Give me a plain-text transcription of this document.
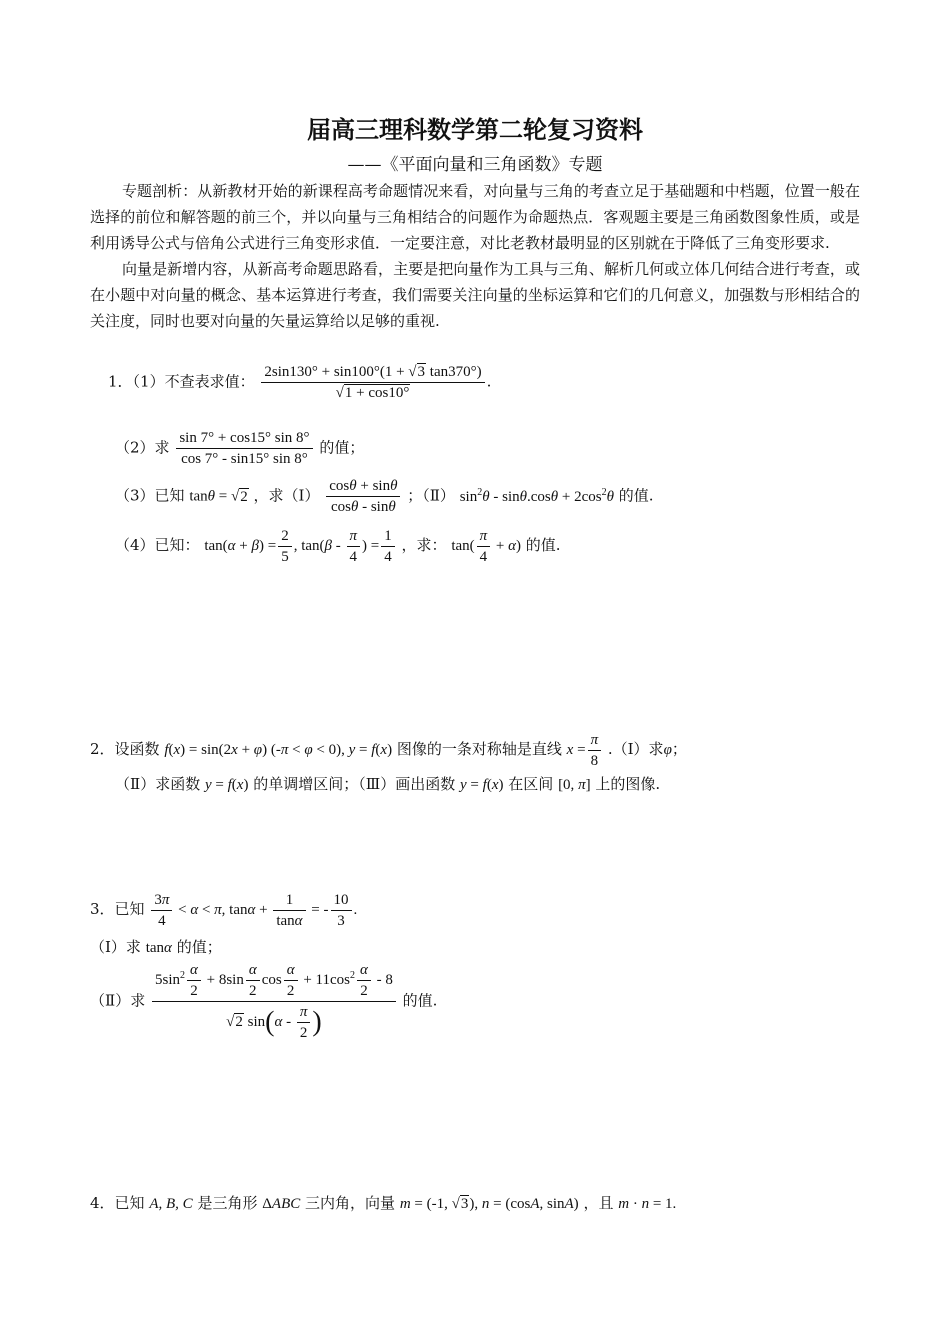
届高三理科数学第二轮复习资料
——《平面向量和三角函数》专题

专题剖析：从新教材开始的新课程高考命题情况来看，对向量与三角的考查立足于基础题和中档题，位置一般在选择的前位和解答题的前三个，并以向量与三角相结合的问题作为命题热点．客观题主要是三角函数图象性质，或是利用诱导公式与倍角公式进行三角变形求值．一定要注意，对比老教材最明显的区别就在于降低了三角变形要求.

向量是新增内容，从新高考命题思路看，主要是把向量作为工具与三角、解析几何或立体几何结合进行考查，或在小题中对向量的概念、基本运算进行考查，我们需要关注向量的坐标运算和它们的几何意义，加强数与形相结合的关注度，同时也要对向量的矢量运算给以足够的重视.

1．（1）不查表求值： $\frac{2\sin 130^\circ + \sin 100^\circ(1 + √3 \tan 370^\circ)}{√1 + \cos 10^\circ}$ .
（2）求 $\frac{\sin 7^\circ + \cos 15^\circ \sin 8^\circ}{\cos 7^\circ - \sin 15^\circ \sin 8^\circ}$ 的值；
（3）已知 tanθ = √2 ，求（Ⅰ） $\frac{\cos\theta + \sin\theta}{\cos\theta - \sin\theta}$ ；（Ⅱ） $\sin^2\theta - \sin\theta.\cos\theta + 2\cos^2\theta$ 的值.
（4）已知： $\tan(\alpha + \beta) = \frac{2}{5}$ , $\tan(\beta - \frac{\pi}{4}$ ) = $\frac{1}{4}$ ，求： $\tan( \frac{\pi}{4} + \alpha)$ 的值.
2．设函数 f(x) = sin(2x + φ) (-π < φ < 0), y = f(x) 图像的一条对称轴是直线 $x = \frac{\pi}{8}$ .（Ⅰ）求φ；
（Ⅱ）求函数 y = f(x) 的单调增区间；（Ⅲ）画出函数 y = f(x) 在区间 [0, π] 上的图像.
3．已知 $\frac{3\pi}{4} < \alpha < \pi$, $\tan\alpha + \frac{1}{\tan\alpha}$ = - $\frac{10}{3}$ .
（Ⅰ）求 tanα 的值；
（Ⅱ）求 $\frac{5\sin^2 \frac{\alpha}{2} + 8\sin \frac{\alpha}{2} \cos \frac{\alpha}{2} + 11\cos^2 \frac{\alpha}{2} - 8}{√2 \sin(\alpha - \frac{\pi}{2} )}$ 的值.
4．已知 A, B, C 是三角形 ΔABC 三内角，向量 m = (-1, √3), n = (cosA, sinA) ，且 m · n = 1.
